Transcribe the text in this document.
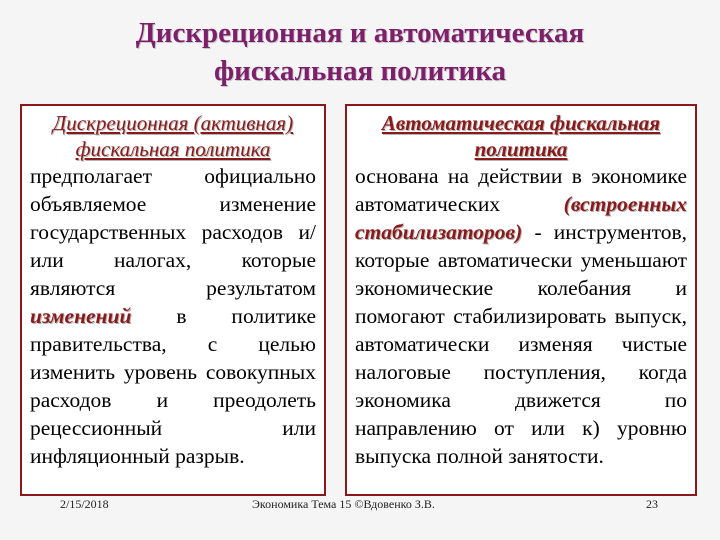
Дискреционная и автоматическая
фискальная политика
Дискреционная (активная)
фискальная политика

предполагает официально объявляемое изменение государственных расходов и/или налогах, которые являются результатом изменений в политике правительства, с целью изменить уровень совокупных расходов и преодолеть рецессионный или инфляционный разрыв.

Автоматическая фискальная
политика

основана на действии в экономике автоматических (встроенных стабилизаторов) - инструментов, которые автоматически уменьшают экономические колебания и помогают стабилизировать выпуск, автоматически изменяя чистые налоговые поступления, когда экономика движется по направлению от или к) уровню выпуска полной занятости.

2/15/2018	Экономика Тема 15 ©Вдовенко З.В.	23
